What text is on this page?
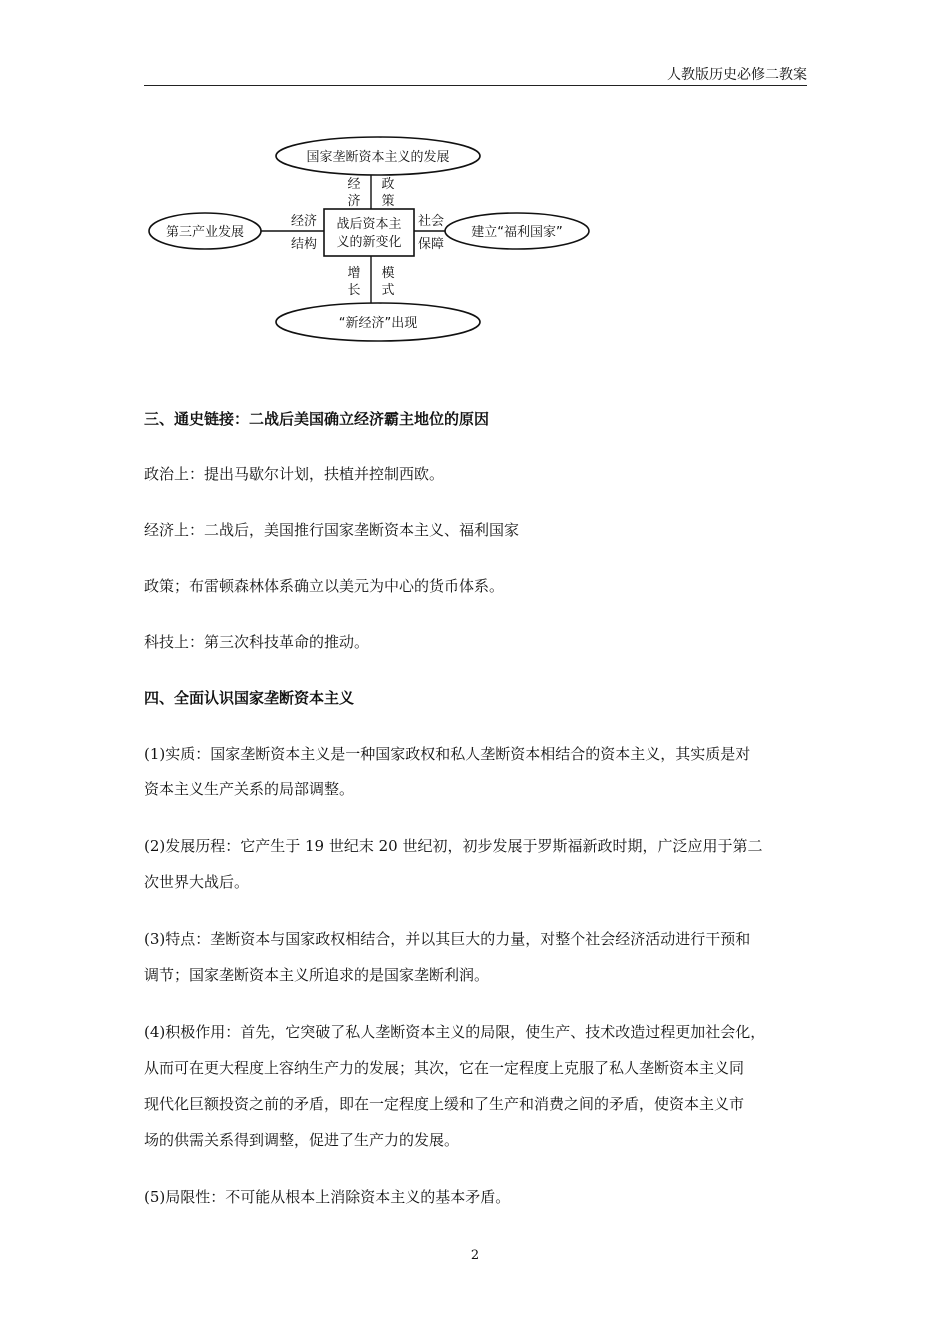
人教版历史必修二教案
国家垄断资本主义的发展
第三产业发展	建立“福利国家”
“新经济”出现
战后资本主
义的新变化
经
济
政
策
经济
结构
社会
保障
增
长
模
式
三、通史链接：二战后美国确立经济霸主地位的原因
政治上：提出马歇尔计划，扶植并控制西欧。
经济上：二战后，美国推行国家垄断资本主义、福利国家
政策；布雷顿森林体系确立以美元为中心的货币体系。
科技上：第三次科技革命的推动。
四、全面认识国家垄断资本主义
(1)实质：国家垄断资本主义是一种国家政权和私人垄断资本相结合的资本主义，其实质是对
资本主义生产关系的局部调整。
(2)发展历程：它产生于 19 世纪末 20 世纪初，初步发展于罗斯福新政时期，广泛应用于第二
次世界大战后。
(3)特点：垄断资本与国家政权相结合，并以其巨大的力量，对整个社会经济活动进行干预和
调节；国家垄断资本主义所追求的是国家垄断利润。
(4)积极作用：首先，它突破了私人垄断资本主义的局限，使生产、技术改造过程更加社会化，
从而可在更大程度上容纳生产力的发展；其次，它在一定程度上克服了私人垄断资本主义同
现代化巨额投资之前的矛盾，即在一定程度上缓和了生产和消费之间的矛盾，使资本主义市
场的供需关系得到调整，促进了生产力的发展。
(5)局限性：不可能从根本上消除资本主义的基本矛盾。
2
